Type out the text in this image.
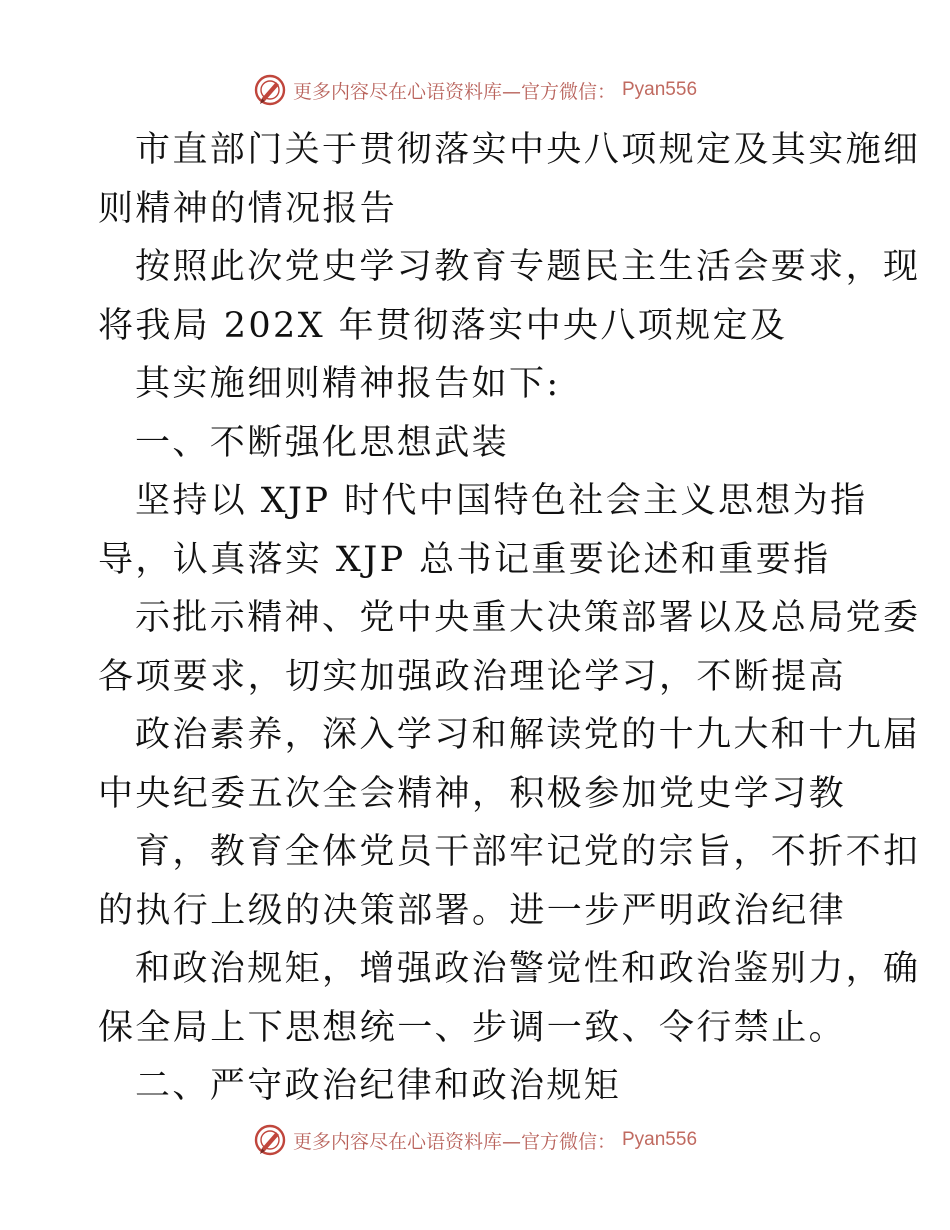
更多内容尽在心语资料库—官方微信： Pyan556
市直部门关于贯彻落实中央八项规定及其实施细
则精神的情况报告
按照此次党史学习教育专题民主生活会要求，现
将我局 202X 年贯彻落实中央八项规定及
其实施细则精神报告如下:
一、不断强化思想武装
坚持以 XJP 时代中国特色社会主义思想为指
导，认真落实 XJP 总书记重要论述和重要指
示批示精神、党中央重大决策部署以及总局党委
各项要求，切实加强政治理论学习，不断提高
政治素养，深入学习和解读党的十九大和十九届
中央纪委五次全会精神，积极参加党史学习教
育，教育全体党员干部牢记党的宗旨，不折不扣
的执行上级的决策部署。进一步严明政治纪律
和政治规矩，增强政治警觉性和政治鉴别力，确
保全局上下思想统一、步调一致、令行禁止。
二、严守政治纪律和政治规矩
更多内容尽在心语资料库—官方微信： Pyan556
